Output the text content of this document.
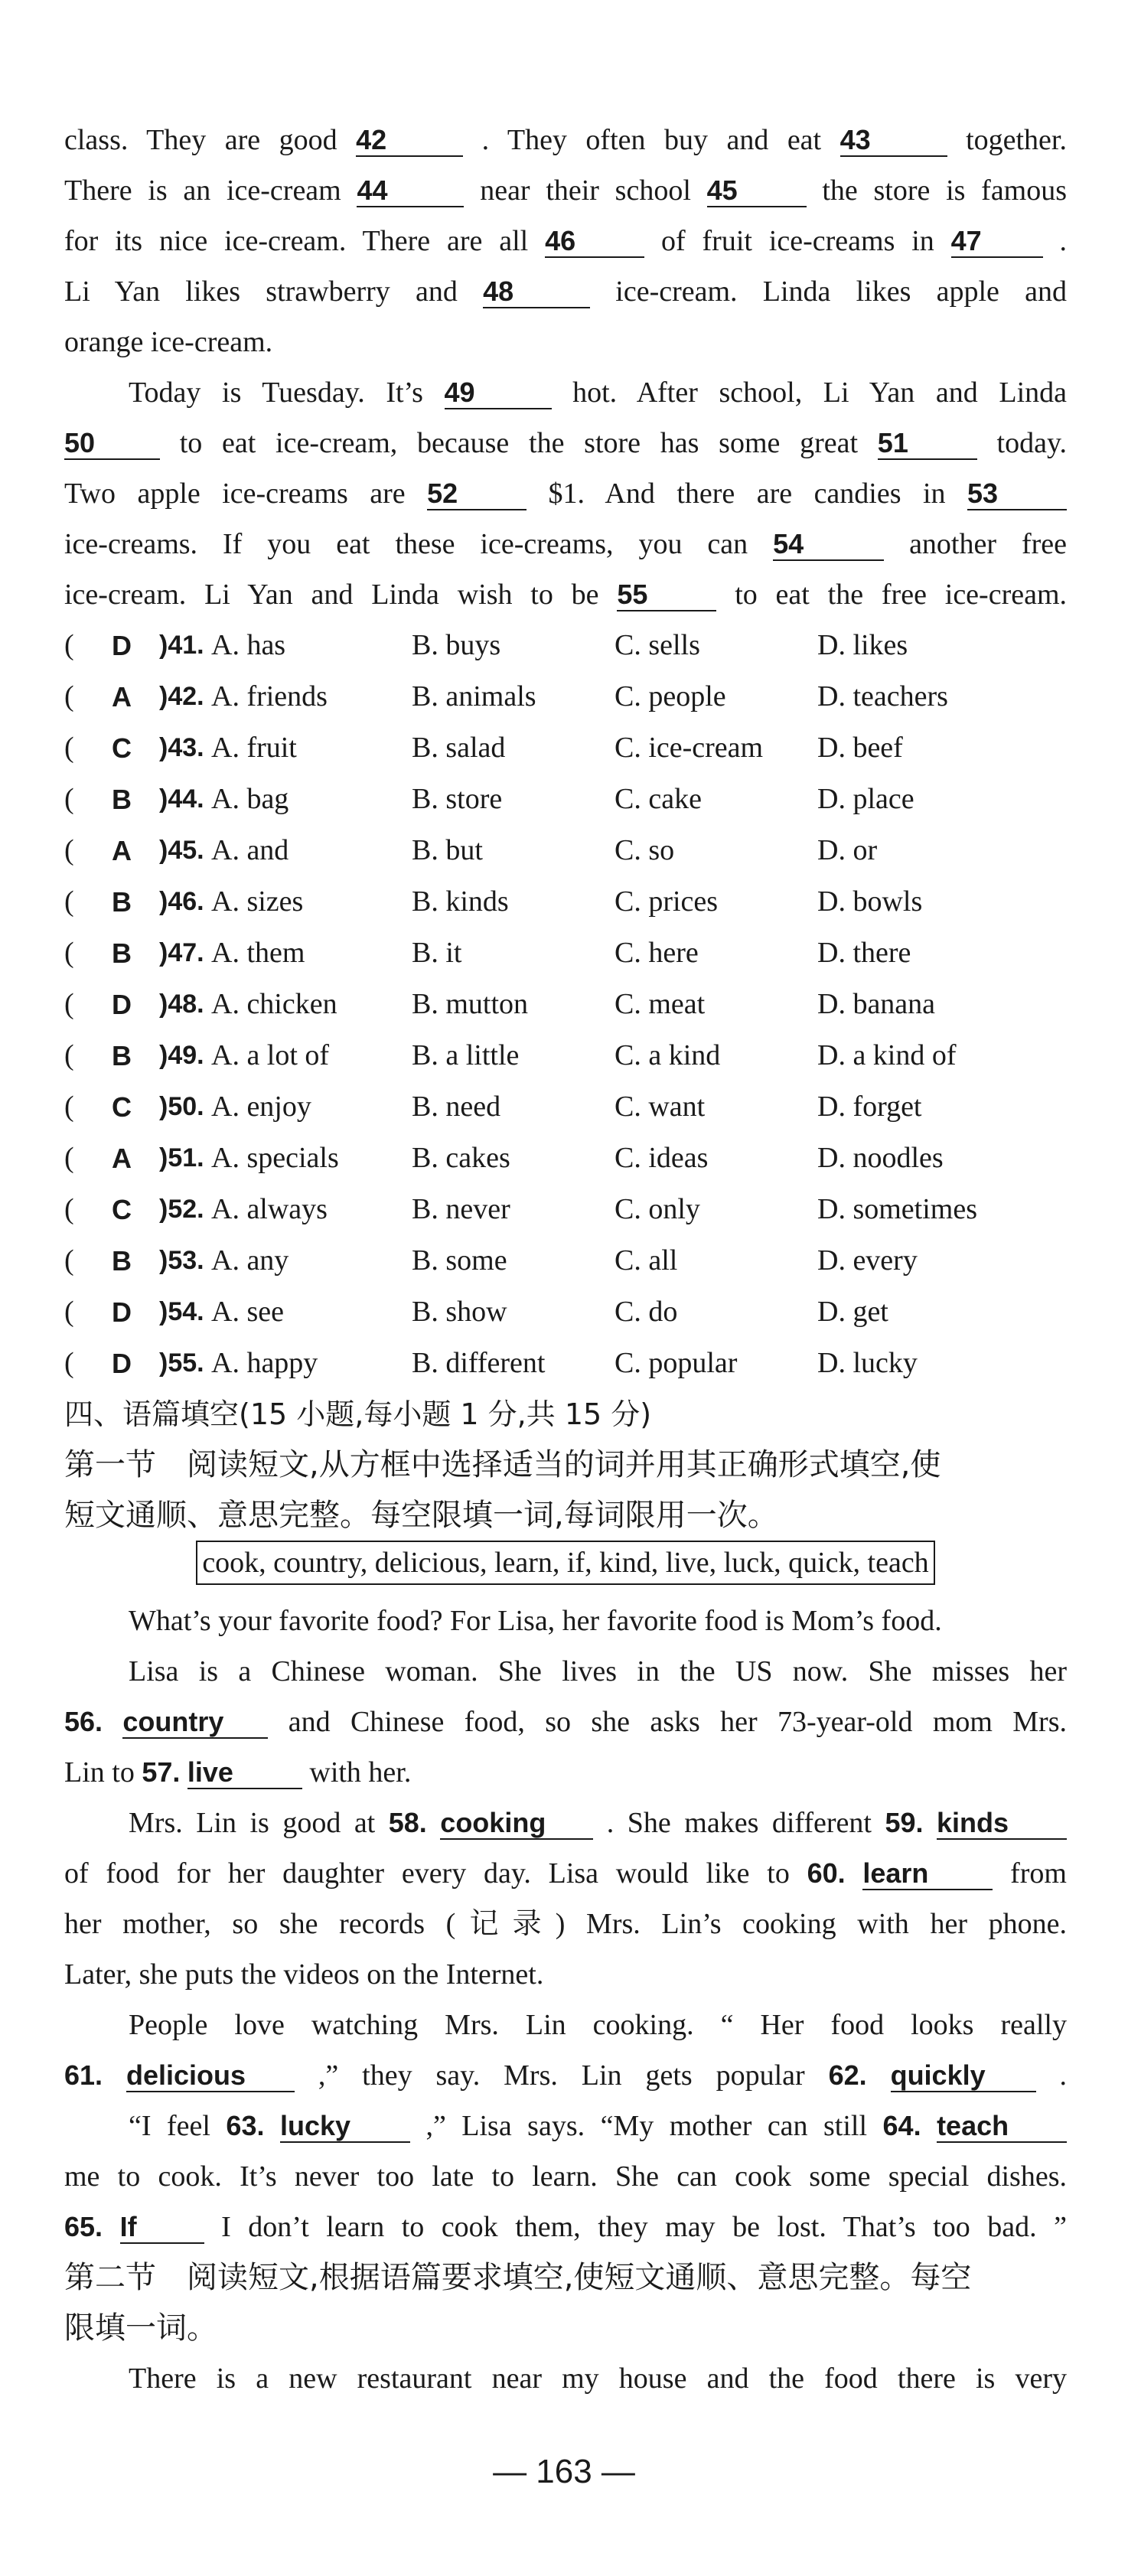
class. They are good 42	. They often buy and eat 43	together.
There is an ice-cream 44	near their school 45	the store is famous
for its nice ice-cream. There are all 46	of fruit ice-creams in 47	.
Li Yan likes strawberry and 48	ice-cream. Linda likes apple and
orange ice-cream.
Today is Tuesday. It’s 49	hot. After school, Li Yan and Linda
50	to eat ice-cream, because the store has some great 51	today.
Two apple ice-creams are 52	$1. And there are candies in 53
ice-creams. If you eat these ice-creams, you can 54	another free
ice-cream. Li Yan and Linda wish to be 55	to eat the free ice-cream.
(	D	)41. A. has	B. buys	C. sells	D. likes
(	A	)42. A. friends	B. animals	C. people	D. teachers
(	C	)43. A. fruit	B. salad	C. ice-cream	D. beef
(	B	)44. A. bag	B. store	C. cake	D. place
(	A	)45. A. and	B. but	C. so	D. or
(	B	)46. A. sizes	B. kinds	C. prices	D. bowls
(	B	)47. A. them	B. it	C. here	D. there
(	D	)48. A. chicken	B. mutton	C. meat	D. banana
(	B	)49. A. a lot of	B. a little	C. a kind	D. a kind of
(	C	)50. A. enjoy	B. need	C. want	D. forget
(	A	)51. A. specials	B. cakes	C. ideas	D. noodles
(	C	)52. A. always	B. never	C. only	D. sometimes
(	B	)53. A. any	B. some	C. all	D. every
(	D	)54. A. see	B. show	C. do	D. get
(	D	)55. A. happy	B. different	C. popular	D. lucky
四、语篇填空(15 小题,每小题 1 分,共 15 分)
第一节　阅读短文,从方框中选择适当的词并用其正确形式填空,使
短文通顺、意思完整。每空限填一词,每词限用一次。
cook, country, delicious, learn, if, kind, live, luck, quick, teach
What’s your favorite food? For Lisa, her favorite food is Mom’s food.
Lisa is a Chinese woman. She lives in the US now. She misses her
56. country and Chinese food, so she asks her 73-year-old mom Mrs.
Lin to 57. live	with her.
Mrs. Lin is good at 58. cooking . She makes different 59. kinds
of food for her daughter every day. Lisa would like to 60. learn	from
her mother, so she records (记录) Mrs. Lin’s cooking with her phone.
Later, she puts the videos on the Internet.
People love watching Mrs. Lin cooking. “ Her food looks really
61. delicious ,” they say. Mrs. Lin gets popular 62. quickly	.
“I feel 63. lucky	,” Lisa says. “My mother can still 64. teach
me to cook. It’s never too late to learn. She can cook some special dishes.
65. If	I don’t learn to cook them, they may be lost. That’s too bad. ”
第二节　阅读短文,根据语篇要求填空,使短文通顺、意思完整。每空
限填一词。
There is a new restaurant near my house and the food there is very
— 163 —
